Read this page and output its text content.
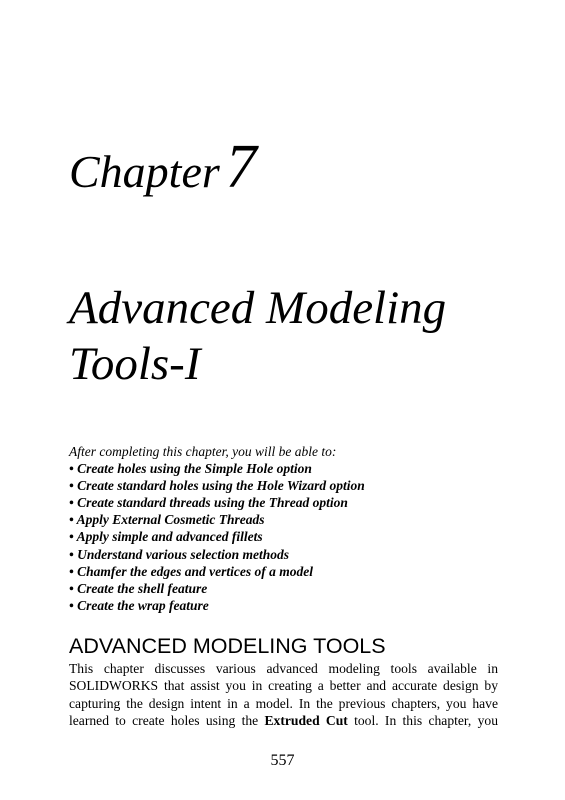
Chapter7
Advanced Modeling
Tools-I

After completing this chapter, you will be able to:

• Create holes using the Simple Hole option
• Create standard holes using the Hole Wizard option
• Create standard threads using the Thread option
• Apply External Cosmetic Threads
• Apply simple and advanced fillets
• Understand various selection methods
• Chamfer the edges and vertices of a model
• Create the shell feature
• Create the wrap feature
ADVANCED MODELING TOOLS

This chapter discusses various advanced modeling tools available in SOLIDWORKS that assist you in creating a better and accurate design by capturing the design intent in a model. In the previous chapters, you have learned to create holes using the Extruded Cut tool. In this chapter, you

557
